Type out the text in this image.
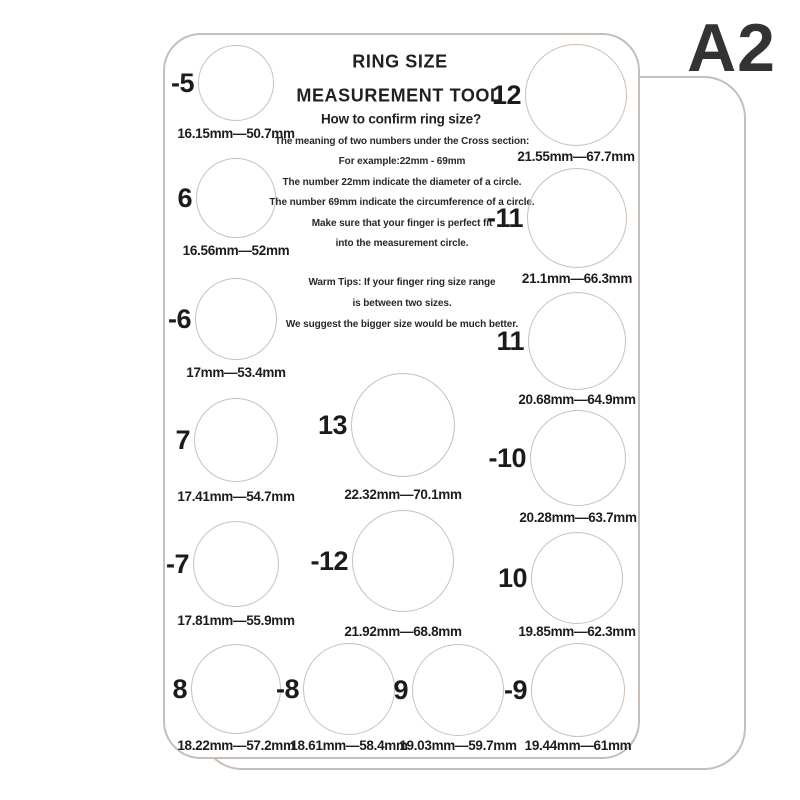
RING SIZE
MEASUREMENT TOOL
How to confirm ring size?
The meaning of two numbers under the Cross section:
For example:22mm - 69mm
The number 22mm indicate the diameter of a circle.
The number 69mm indicate the circumference of a circle.
Make sure that your finger is perfect fit
into the measurement circle.
Warm Tips: If your finger ring size range
is between two sizes.
We suggest the bigger size would be much better.
-5
16.15mm—50.7mm
6
16.56mm—52mm
-6
17mm—53.4mm
7
17.41mm—54.7mm
-7
17.81mm—55.9mm
8
18.22mm—57.2mm
-8
18.61mm—58.4mm
9
19.03mm—59.7mm
-9
19.44mm—61mm
13
22.32mm—70.1mm
-12
21.92mm—68.8mm
12
21.55mm—67.7mm
-11
21.1mm—66.3mm
11
20.68mm—64.9mm
-10
20.28mm—63.7mm
10
19.85mm—62.3mm
A2
